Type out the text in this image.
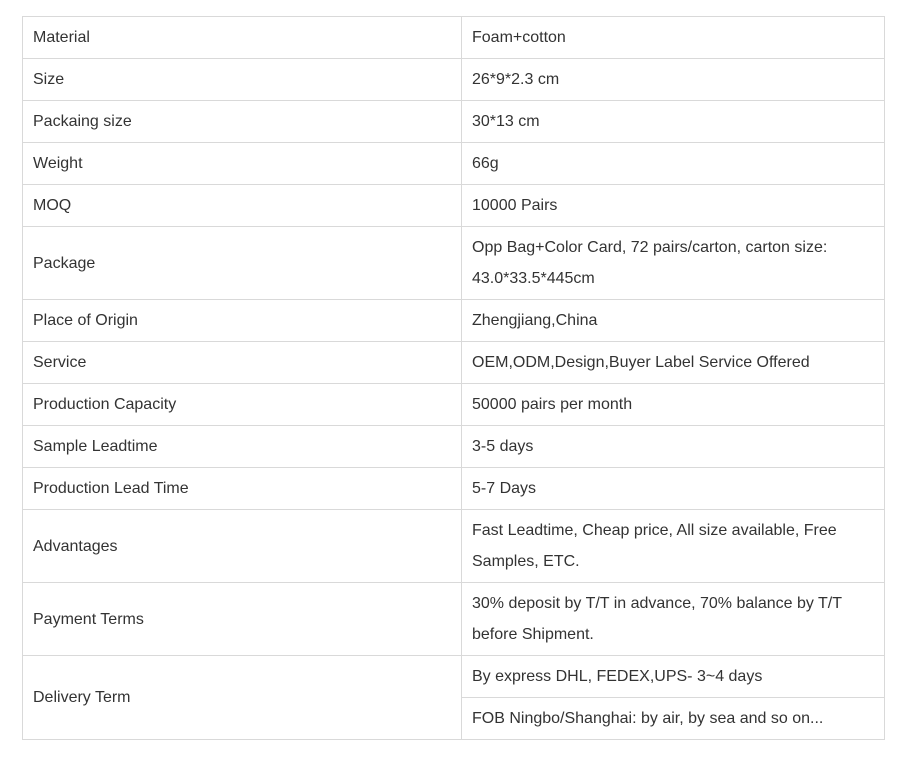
Material	Foam+cotton
Size	26*9*2.3 cm
Packaing size	30*13 cm
Weight	66g
MOQ	10000 Pairs
Package	Opp Bag+Color Card, 72 pairs/carton, carton size: 43.0*33.5*445cm
Place of Origin	Zhengjiang,China
Service	OEM,ODM,Design,Buyer Label Service Offered
Production Capacity	50000 pairs per month
Sample Leadtime	3-5 days
Production Lead Time	5-7 Days
Advantages	Fast Leadtime, Cheap price, All size available, Free Samples, ETC.
Payment Terms	30% deposit by T/T in advance, 70% balance by T/T before Shipment.
Delivery Term	By express DHL, FEDEX,UPS- 3~4 days
	FOB Ningbo/Shanghai: by air, by sea and so on...
